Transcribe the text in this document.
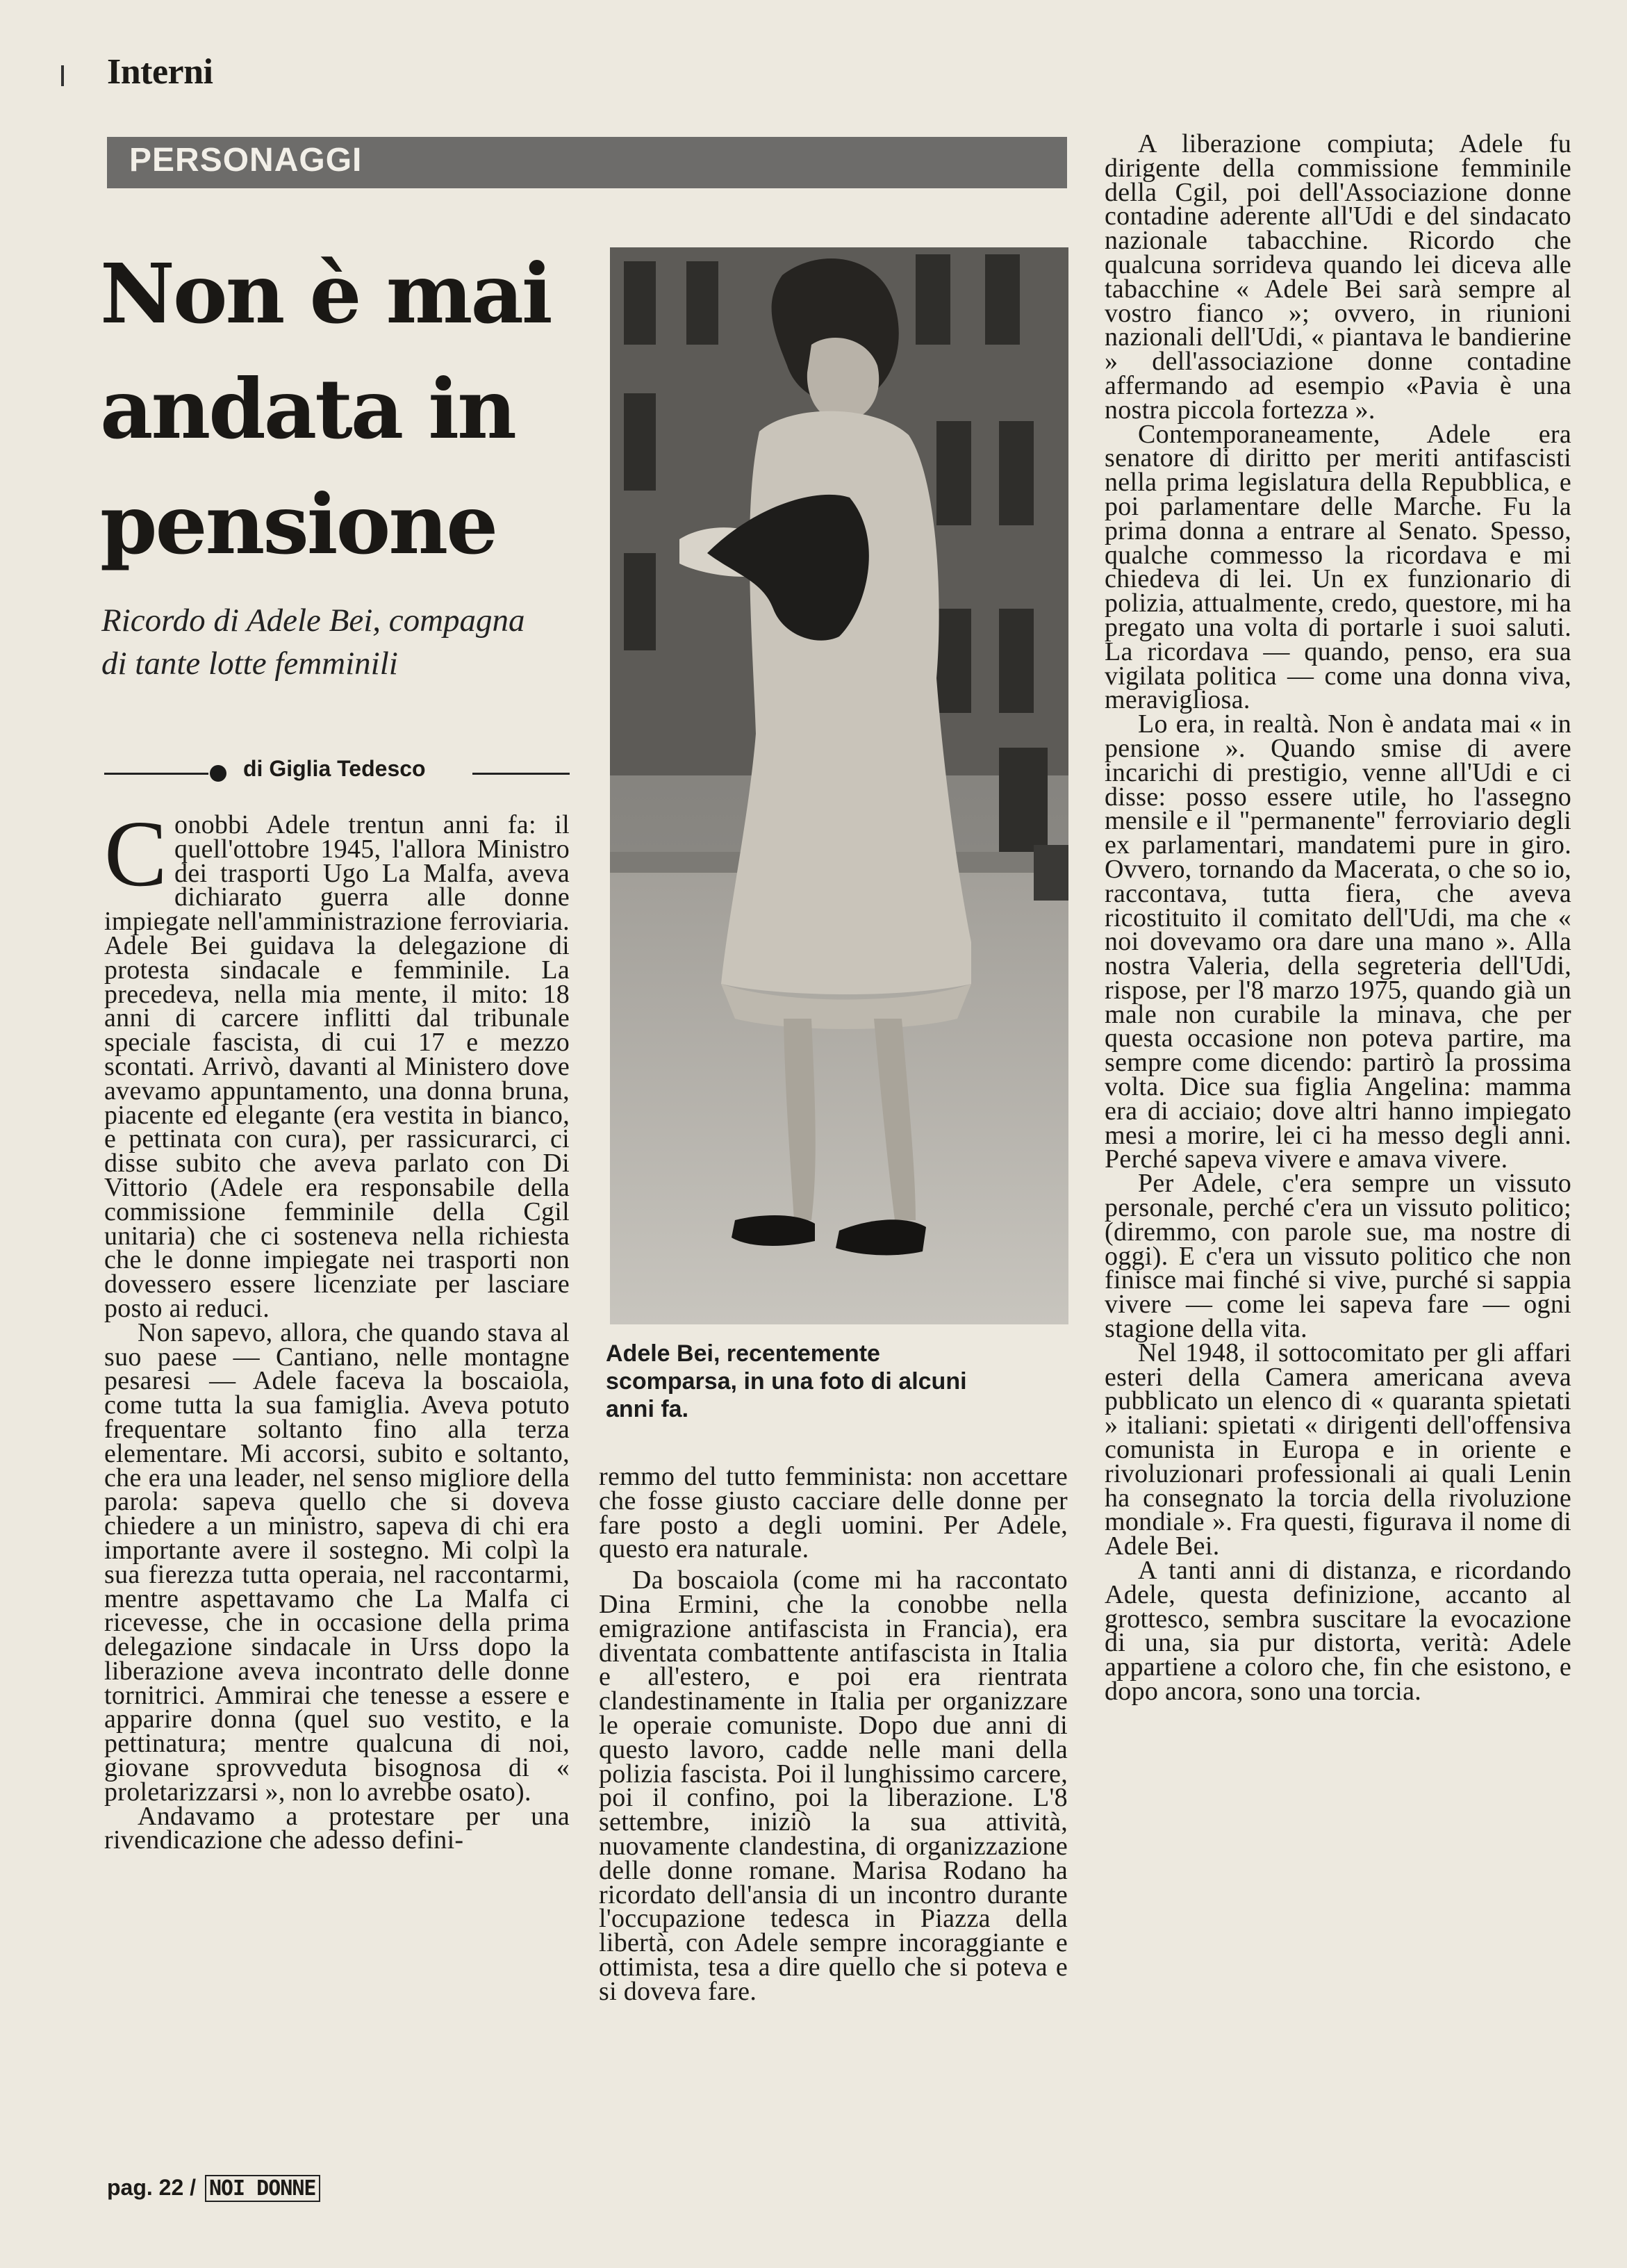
Interni
PERSONAGGI
Non è mai andata in pensione
Ricordo di Adele Bei, compagna di tante lotte femminili
di Giglia Tedesco

Conobbi Adele trentun anni fa: il quell'ottobre 1945, l'allora Ministro dei trasporti Ugo La Malfa, aveva dichiarato guerra alle donne impiegate nell'amministrazione ferroviaria. Adele Bei guidava la delegazione di protesta sindacale e femminile. La precedeva, nella mia mente, il mito: 18 anni di carcere inflitti dal tribunale speciale fascista, di cui 17 e mezzo scontati. Arrivò, davanti al Ministero dove avevamo appuntamento, una donna bruna, piacente ed elegante (era vestita in bianco, e pettinata con cura), per rassicurarci, ci disse subito che aveva parlato con Di Vittorio (Adele era responsabile della commissione femminile della Cgil unitaria) che ci sosteneva nella richiesta che le donne impiegate nei trasporti non dovessero essere licenziate per lasciare posto ai reduci.

Non sapevo, allora, che quando stava al suo paese — Cantiano, nelle montagne pesaresi — Adele faceva la boscaiola, come tutta la sua famiglia. Aveva potuto frequentare soltanto fino alla terza elementare. Mi accorsi, subito e soltanto, che era una leader, nel senso migliore della parola: sapeva quello che si doveva chiedere a un ministro, sapeva di chi era importante avere il sostegno. Mi colpì la sua fierezza tutta operaia, nel raccontarmi, mentre aspettavamo che La Malfa ci ricevesse, che in occasione della prima delegazione sindacale in Urss dopo la liberazione aveva incontrato delle donne tornitrici. Ammirai che tenesse a essere e apparire donna (quel suo vestito, e la pettinatura; mentre qualcuna di noi, giovane sprovveduta bisognosa di « proletarizzarsi », non lo avrebbe osato).

Andavamo a protestare per una rivendicazione che adesso defini-

Adele Bei, recentemente scomparsa, in una foto di alcuni anni fa.

remmo del tutto femminista: non accettare che fosse giusto cacciare delle donne per fare posto a degli uomini. Per Adele, questo era naturale.

Da boscaiola (come mi ha raccontato Dina Ermini, che la conobbe nella emigrazione antifascista in Francia), era diventata combattente antifascista in Italia e all'estero, e poi era rientrata clandestinamente in Italia per organizzare le operaie comuniste. Dopo due anni di questo lavoro, cadde nelle mani della polizia fascista. Poi il lunghissimo carcere, poi il confino, poi la liberazione. L'8 settembre, iniziò la sua attività, nuovamente clandestina, di organizzazione delle donne romane. Marisa Rodano ha ricordato dell'ansia di un incontro durante l'occupazione tedesca in Piazza della libertà, con Adele sempre incoraggiante e ottimista, tesa a dire quello che si poteva e si doveva fare.

A liberazione compiuta; Adele fu dirigente della commissione femminile della Cgil, poi dell'Associazione donne contadine aderente all'Udi e del sindacato nazionale tabacchine. Ricordo che qualcuna sorrideva quando lei diceva alle tabacchine « Adele Bei sarà sempre al vostro fianco »; ovvero, in riunioni nazionali dell'Udi, « piantava le bandierine » dell'associazione donne contadine affermando ad esempio «Pavia è una nostra piccola fortezza ».

Contemporaneamente, Adele era senatore di diritto per meriti antifascisti nella prima legislatura della Repubblica, e poi parlamentare delle Marche. Fu la prima donna a entrare al Senato. Spesso, qualche commesso la ricordava e mi chiedeva di lei. Un ex funzionario di polizia, attualmente, credo, questore, mi ha pregato una volta di portarle i suoi saluti. La ricordava — quando, penso, era sua vigilata politica — come una donna viva, meravigliosa.

Lo era, in realtà. Non è andata mai « in pensione ». Quando smise di avere incarichi di prestigio, venne all'Udi e ci disse: posso essere utile, ho l'assegno mensile e il "permanente" ferroviario degli ex parlamentari, mandatemi pure in giro. Ovvero, tornando da Macerata, o che so io, raccontava, tutta fiera, che aveva ricostituito il comitato dell'Udi, ma che « noi dovevamo ora dare una mano ». Alla nostra Valeria, della segreteria dell'Udi, rispose, per l'8 marzo 1975, quando già un male non curabile la minava, che per questa occasione non poteva partire, ma sempre come dicendo: partirò la prossima volta. Dice sua figlia Angelina: mamma era di acciaio; dove altri hanno impiegato mesi a morire, lei ci ha messo degli anni. Perché sapeva vivere e amava vivere.

Per Adele, c'era sempre un vissuto personale, perché c'era un vissuto politico; (diremmo, con parole sue, ma nostre di oggi). E c'era un vissuto politico che non finisce mai finché si vive, purché si sappia vivere — come lei sapeva fare — ogni stagione della vita.

Nel 1948, il sottocomitato per gli affari esteri della Camera americana aveva pubblicato un elenco di « quaranta spietati » italiani: spietati « dirigenti dell'offensiva comunista in Europa e in oriente e rivoluzionari professionali ai quali Lenin ha consegnato la torcia della rivoluzione mondiale ». Fra questi, figurava il nome di Adele Bei.

A tanti anni di distanza, e ricordando Adele, questa definizione, accanto al grottesco, sembra suscitare la evocazione di una, sia pur distorta, verità: Adele appartiene a coloro che, fin che esistono, e dopo ancora, sono una torcia.

pag. 22 / NOI DONNE
